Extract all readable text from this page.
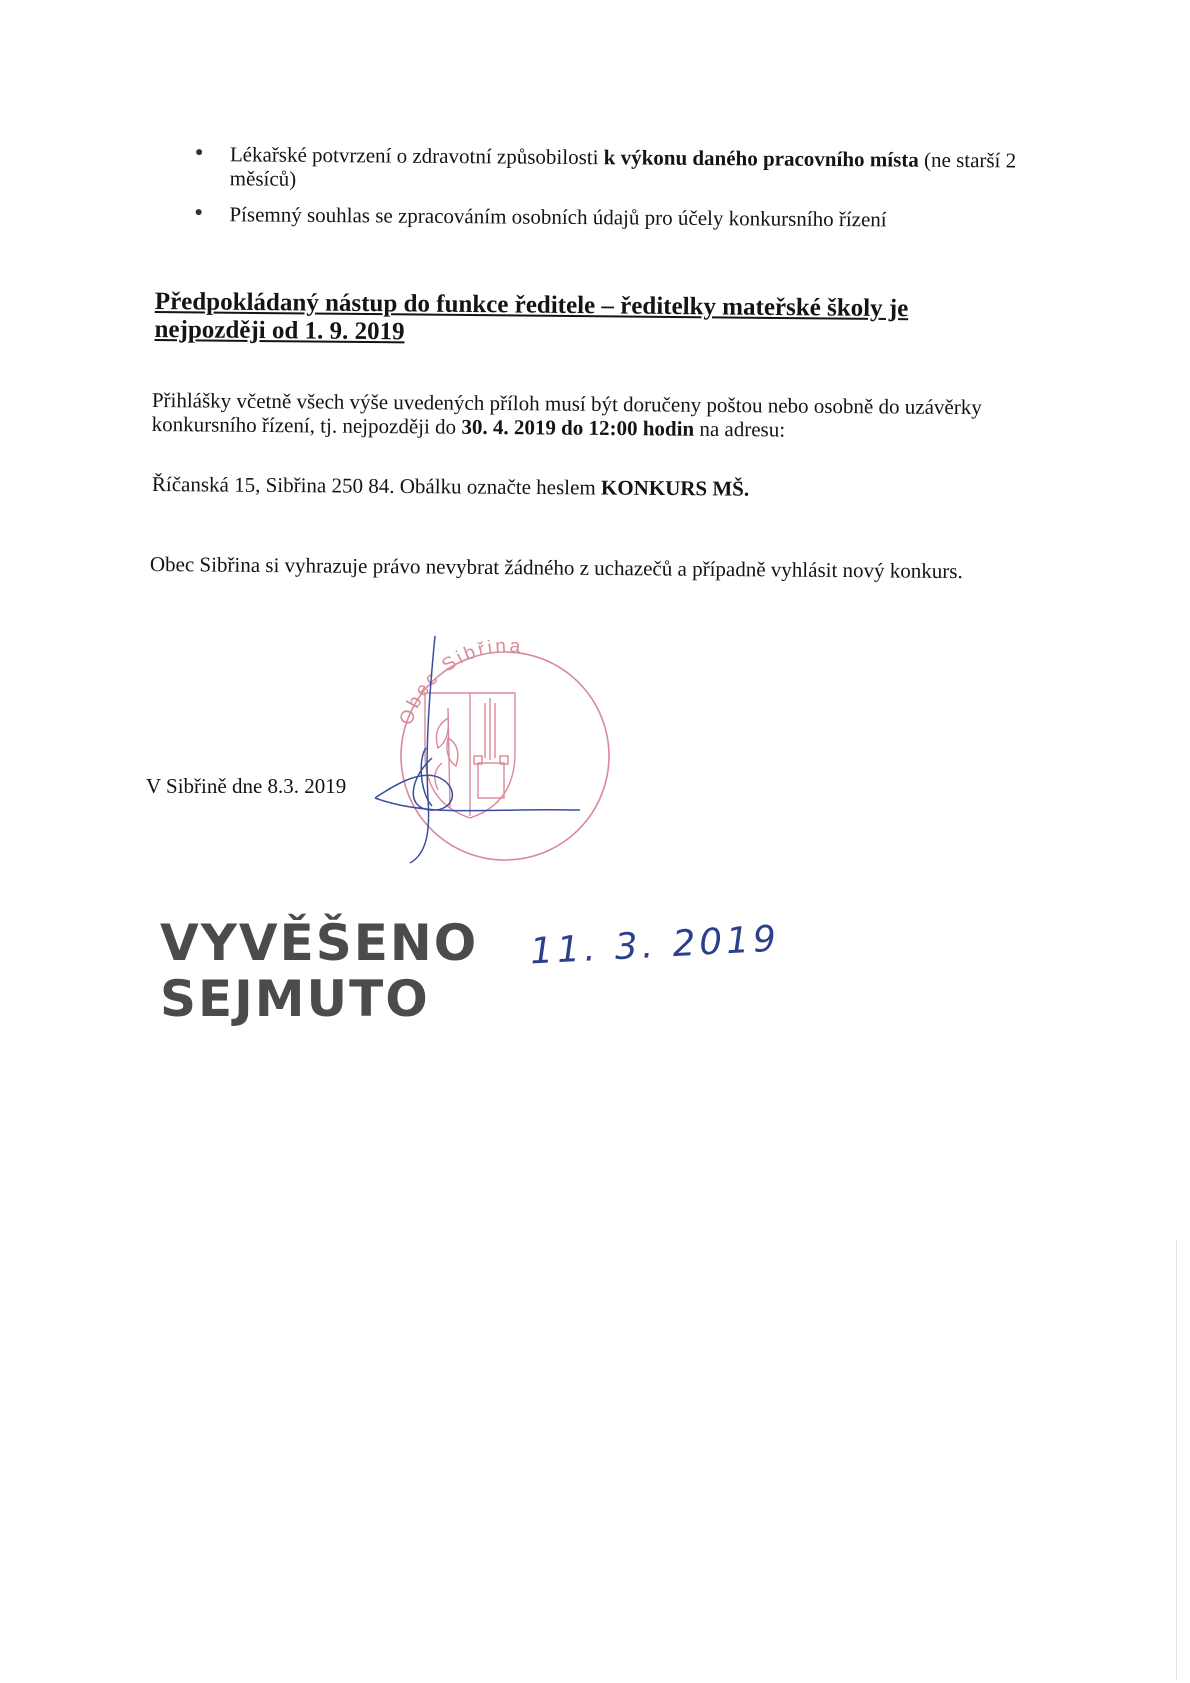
● Lékařské potvrzení o zdravotní způsobilosti k výkonu daného pracovního místa (ne starší 2 měsíců)
● Písemný souhlas se zpracováním osobních údajů pro účely konkursního řízení
Předpokládaný nástup do funkce ředitele – ředitelky mateřské školy je nejpozději od 1. 9. 2019
Přihlášky včetně všech výše uvedených příloh musí být doručeny poštou nebo osobně do uzávěrky konkursního řízení, tj. nejpozději do 30. 4. 2019 do 12:00 hodin na adresu:
Říčanská 15, Sibřina 250 84. Obálku označte heslem KONKURS MŠ.
Obec Sibřina si vyhrazuje právo nevybrat žádného z uchazečů a případně vyhlásit nový konkurs.
V Sibřině dne 8.3. 2019
Obec Sibřina
VYVĚŠENO
SEJMUTO
11. 3. 2019
